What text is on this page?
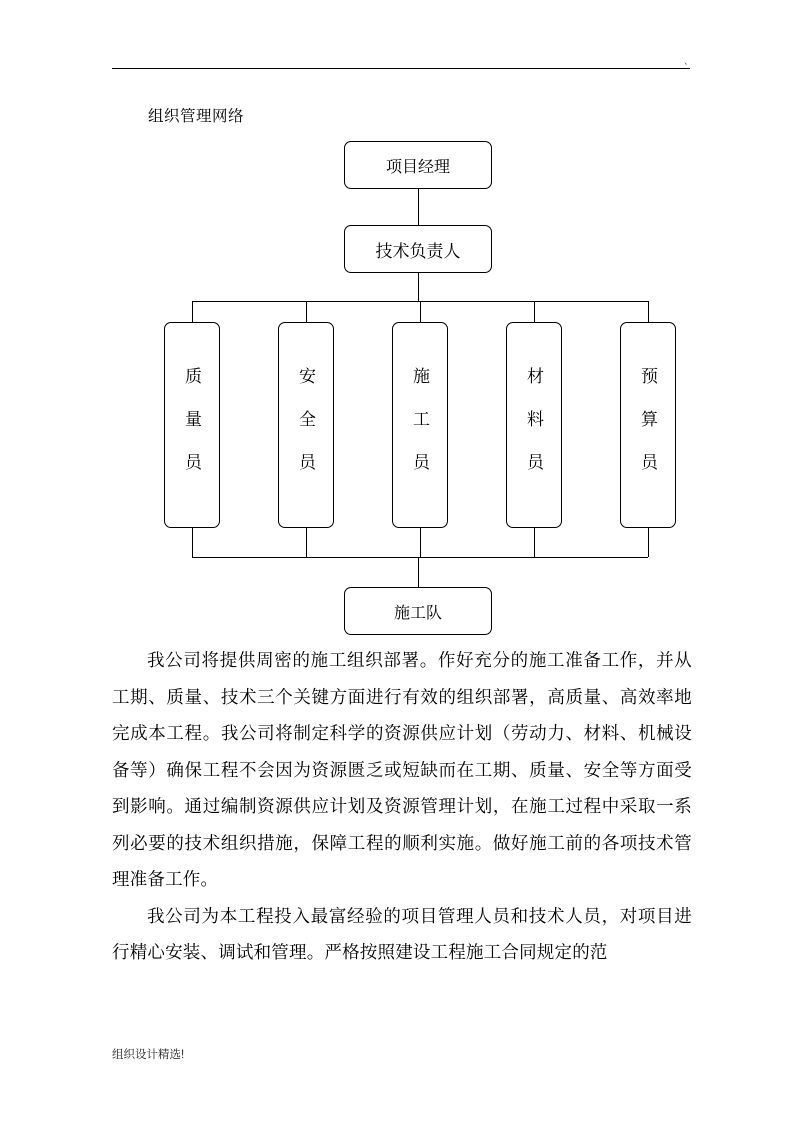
、
组织管理网络
项目经理
技术负责人
质量员	安全员	施工员	材料员	预算员
施工队

我公司将提供周密的施工组织部署。作好充分的施工准备工作，并从工期、质量、技术三个关键方面进行有效的组织部署，高质量、高效率地完成本工程。我公司将制定科学的资源供应计划（劳动力、材料、机械设备等）确保工程不会因为资源匮乏或短缺而在工期、质量、安全等方面受到影响。通过编制资源供应计划及资源管理计划，在施工过程中采取一系列必要的技术组织措施，保障工程的顺利实施。做好施工前的各项技术管理准备工作。

我公司为本工程投入最富经验的项目管理人员和技术人员，对项目进行精心安装、调试和管理。严格按照建设工程施工合同规定的范

组织设计精选!
